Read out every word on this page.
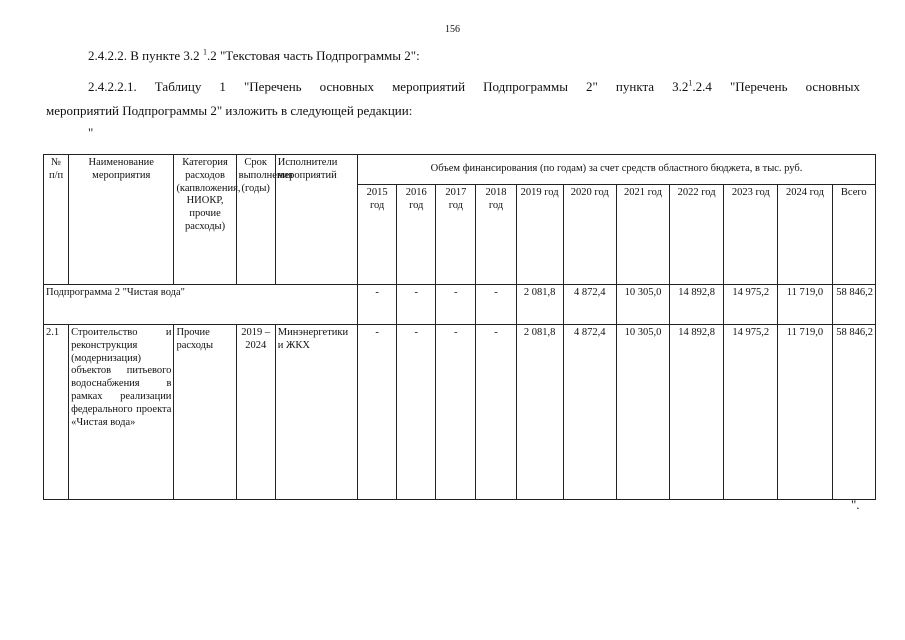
156
2.4.2.2. В пункте 3.2 $^1$.2 "Текстовая часть Подпрограммы 2":
2.4.2.2.1. Таблицу 1 "Перечень основных мероприятий Подпрограммы 2" пункта $3.2^1.2.4$ "Перечень основных
мероприятий Подпрограммы 2" изложить в следующей редакции:
"
№ п/п	Наименование мероприятия	Категория расходов (капвложения, НИОКР, прочие расходы)	Срок выполнения (годы)	Исполнители мероприятий	Объем финансирования (по годам) за счет средств областного бюджета, в тыс. руб.										
					2015 год	2016 год	2017 год	2018 год	2019 год	2020 год	2021 год	2022 год	2023 год	2024 год	Всего
Подпрограмма 2 "Чистая вода"					-	-	-	-	2 081,8	4 872,4	10 305,0	14 892,8	14 975,2	11 719,0	58 846,2
2.1	Строительство и реконструкция (модернизация) объектов питьевого водоснабжения в рамках реализации федерального проекта «Чистая вода»	Прочие расходы	2019 – 2024	Минэнергетики и ЖКХ	-	-	-	-	2 081,8	4 872,4	10 305,0	14 892,8	14 975,2	11 719,0	58 846,2
".
